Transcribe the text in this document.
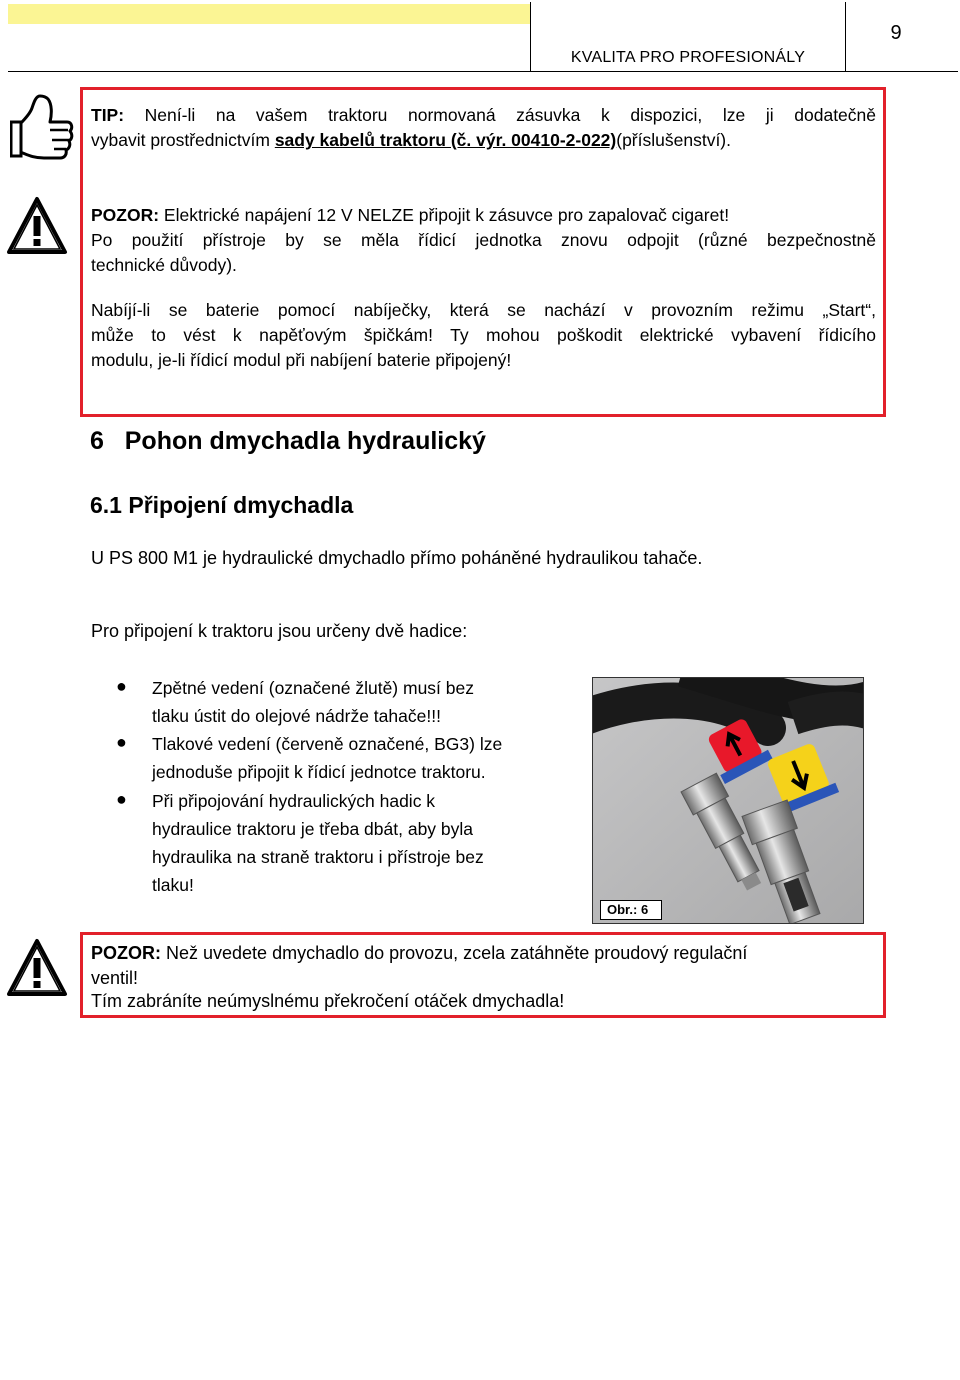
KVALITA PRO PROFESIONÁLY
9
TIP: Není-li na vašem traktoru normovaná zásuvka k dispozici, lze ji dodatečně
vybavit prostřednictvím sady kabelů traktoru (č. výr. 00410-2-022)(příslušenství).
POZOR: Elektrické napájení 12 V NELZE připojit k zásuvce pro zapalovač cigaret!
Po použití přístroje by se měla řídicí jednotka znovu odpojit (různé bezpečnostně
technické důvody).
Nabíjí-li se baterie pomocí nabíječky, která se nachází v provozním režimu „Start“,
může to vést k napěťovým špičkám! Ty mohou poškodit elektrické vybavení řídicího
modulu, je-li řídicí modul při nabíjení baterie připojený!
6 Pohon dmychadla hydraulický
6.1 Připojení dmychadla
U PS 800 M1 je hydraulické dmychadlo přímo poháněné hydraulikou tahače.
Pro připojení k traktoru jsou určeny dvě hadice:
● Zpětné vedení (označené žlutě) musí bez
tlaku ústit do olejové nádrže tahače!!!
● Tlakové vedení (červeně označené, BG3) lze
jednoduše připojit k řídicí jednotce traktoru.
● Při připojování hydraulických hadic k
hydraulice traktoru je třeba dbát, aby byla
hydraulika na straně traktoru i přístroje bez
tlaku!
Obr.: 6
POZOR: Než uvedete dmychadlo do provozu, zcela zatáhněte proudový regulační
ventil!
Tím zabráníte neúmyslnému překročení otáček dmychadla!
